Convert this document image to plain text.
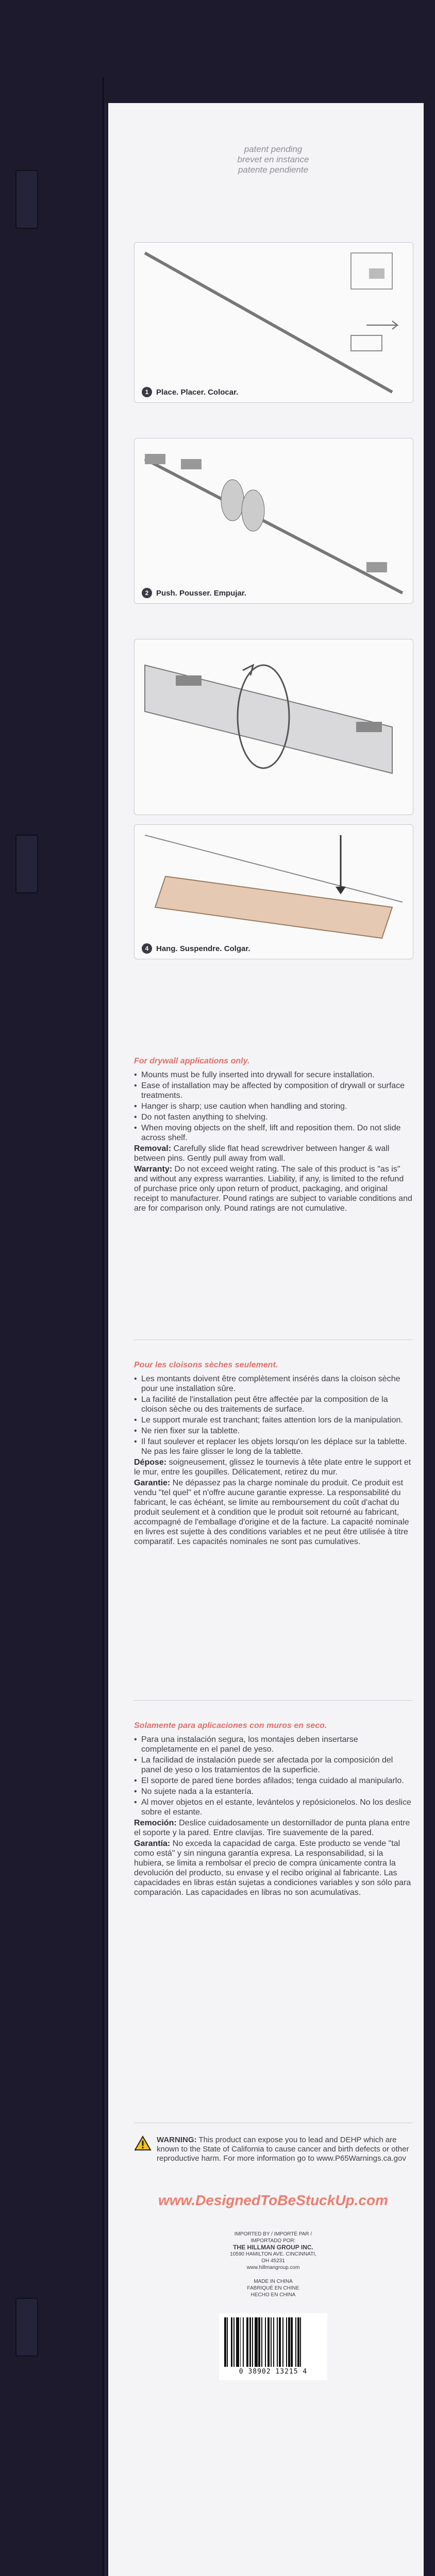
patent pending
brevet en instance
patente pendiente
1 Place. Placer. Colocar.
2 Push. Pousser. Empujar.
4 Hang. Suspendre. Colgar.
For drywall applications only.
• Mounts must be fully inserted into drywall for secure installation.
• Ease of installation may be affected by composition of drywall or surface treatments.
• Hanger is sharp; use caution when handling and storing.
• Do not fasten anything to shelving.
• When moving objects on the shelf, lift and reposition them. Do not slide across shelf.

Removal: Carefully slide flat head screwdriver between hanger & wall between pins. Gently pull away from wall.

Warranty: Do not exceed weight rating. The sale of this product is "as is" and without any express warranties. Liability, if any, is limited to the refund of purchase price only upon return of product, packaging, and original receipt to manufacturer. Pound ratings are subject to variable conditions and are for comparison only. Pound ratings are not cumulative.

Pour les cloisons sèches seulement.
• Les montants doivent être complètement insérés dans la cloison sèche pour une installation sûre.
• La facilité de l'installation peut être affectée par la composition de la cloison sèche ou des traitements de surface.
• Le support murale est tranchant; faites attention lors de la manipulation.
• Ne rien fixer sur la tablette.
• Il faut soulever et replacer les objets lorsqu'on les déplace sur la tablette. Ne pas les faire glisser le long de la tablette.

Dépose: soigneusement, glissez le tournevis à tête plate entre le support et le mur, entre les goupilles. Délicatement, retirez du mur.

Garantie: Ne dépassez pas la charge nominale du produit. Ce produit est vendu "tel quel" et n'offre aucune garantie expresse. La responsabilité du fabricant, le cas échéant, se limite au remboursement du coût d'achat du produit seulement et à condition que le produit soit retourné au fabricant, accompagné de l'emballage d'origine et de la facture. La capacité nominale en livres est sujette à des conditions variables et ne peut être utilisée à titre comparatif. Les capacités nominales ne sont pas cumulatives.

Solamente para aplicaciones con muros en seco.
• Para una instalación segura, los montajes deben insertarse completamente en el panel de yeso.
• La facilidad de instalación puede ser afectada por la composición del panel de yeso o los tratamientos de la superficie.
• El soporte de pared tiene bordes afilados; tenga cuidado al manipularlo.
• No sujete nada a la estantería.
• Al mover objetos en el estante, levántelos y repósicionelos. No los deslice sobre el estante.

Remoción: Deslice cuidadosamente un destornillador de punta plana entre el soporte y la pared. Entre clavijas. Tire suavemente de la pared.

Garantía: No exceda la capacidad de carga. Este producto se vende "tal como está" y sin ninguna garantía expresa. La responsabilidad, si la hubiera, se limita a rembolsar el precio de compra únicamente contra la devolución del producto, su envase y el recibo original al fabricante. Las capacidades en libras están sujetas a condiciones variables y son sólo para comparación. Las capacidades en libras no son acumulativas.

WARNING: This product can expose you to lead and DEHP which are known to the State of California to cause cancer and birth defects or other reproductive harm. For more information go to www.P65Warnings.ca.gov
www.DesignedToBeStuckUp.com
IMPORTED BY / IMPORTÉ PAR / IMPORTADO POR:
THE HILLMAN GROUP INC.
10590 HAMILTON AVE. CINCINNATI, OH 45231
www.hillmangroup.com
MADE IN CHINA
FABRIQUÉ EN CHINE
HECHO EN CHINA
0 38902 13215 4
